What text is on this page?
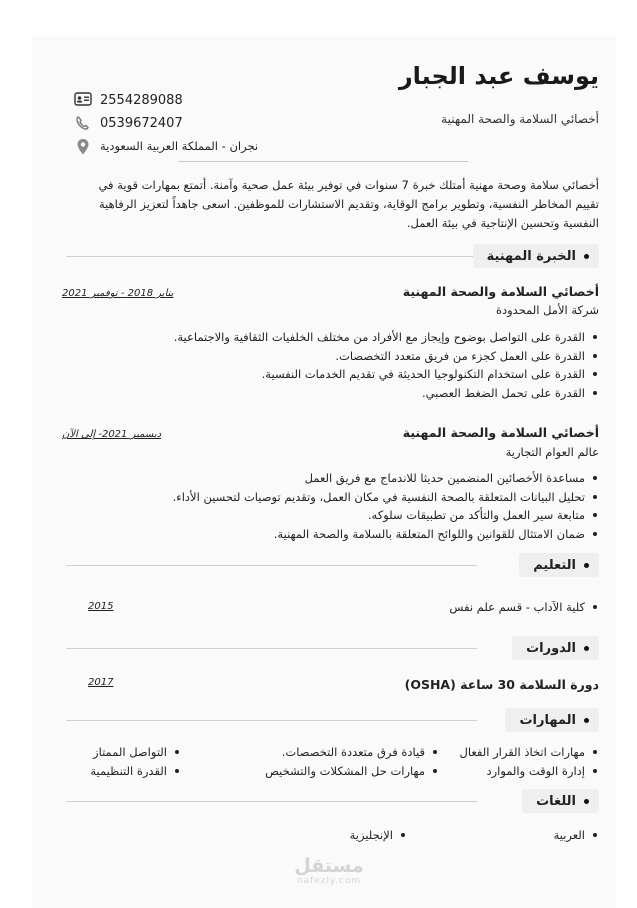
يوسف عبد الجبار
أخصائي السلامة والصحة المهنية
2554289088
0539672407
نجران - المملكة العربية السعودية
أخصائي سلامة وصحة مهنية أمتلك خبرة 7 سنوات في توفير بيئة عمل صحية وآمنة. أتمتع بمهارات قوية في تقييم المخاطر النفسية، وتطوير برامج الوقاية، وتقديم الاستشارات للموظفين. اسعى جاهداً لتعزيز الرفاهية النفسية وتحسين الإنتاجية في بيئة العمل.
الخبرة المهنية
أخصائي السلامة والصحة المهنية
يناير 2018 - نوفمبر 2021
شركة الأمل المحدودة
القدرة على التواصل بوضوح وإيجاز مع الأفراد من مختلف الخلفيات الثقافية والاجتماعية.
القدرة على العمل كجزء من فريق متعدد التخصصات.
القدرة على استخدام التكنولوجيا الحديثة في تقديم الخدمات النفسية.
القدرة على تحمل الضغط العصبي.
أخصائي السلامة والصحة المهنية
ديسمبر 2021- إلى الآن
عالم العوام التجارية
مساعدة الأخصائين المنضمين حديثا للاندماج مع فريق العمل
تحليل البيانات المتعلقة بالصحة النفسية في مكان العمل، وتقديم توصيات لتحسين الأداء.
متابعة سير العمل والتأكد من تطبيقات سلوكه.
ضمان الامتثال للقوانين واللوائح المتعلقة بالسلامة والصحة المهنية.
التعليم
كلية الآداب - قسم علم نفس
2015
الدورات
دورة السلامة 30 ساعة (OSHA)
2017
المهارات
مهارات اتخاذ القرار الفعال
إدارة الوقت والموارد
قيادة فرق متعددة التخصصات.
مهارات حل المشكلات والتشخيص
التواصل الممتاز
القدرة التنظيمية
اللغات
العربية
الإنجليزية
مستقل
nafezly.com
